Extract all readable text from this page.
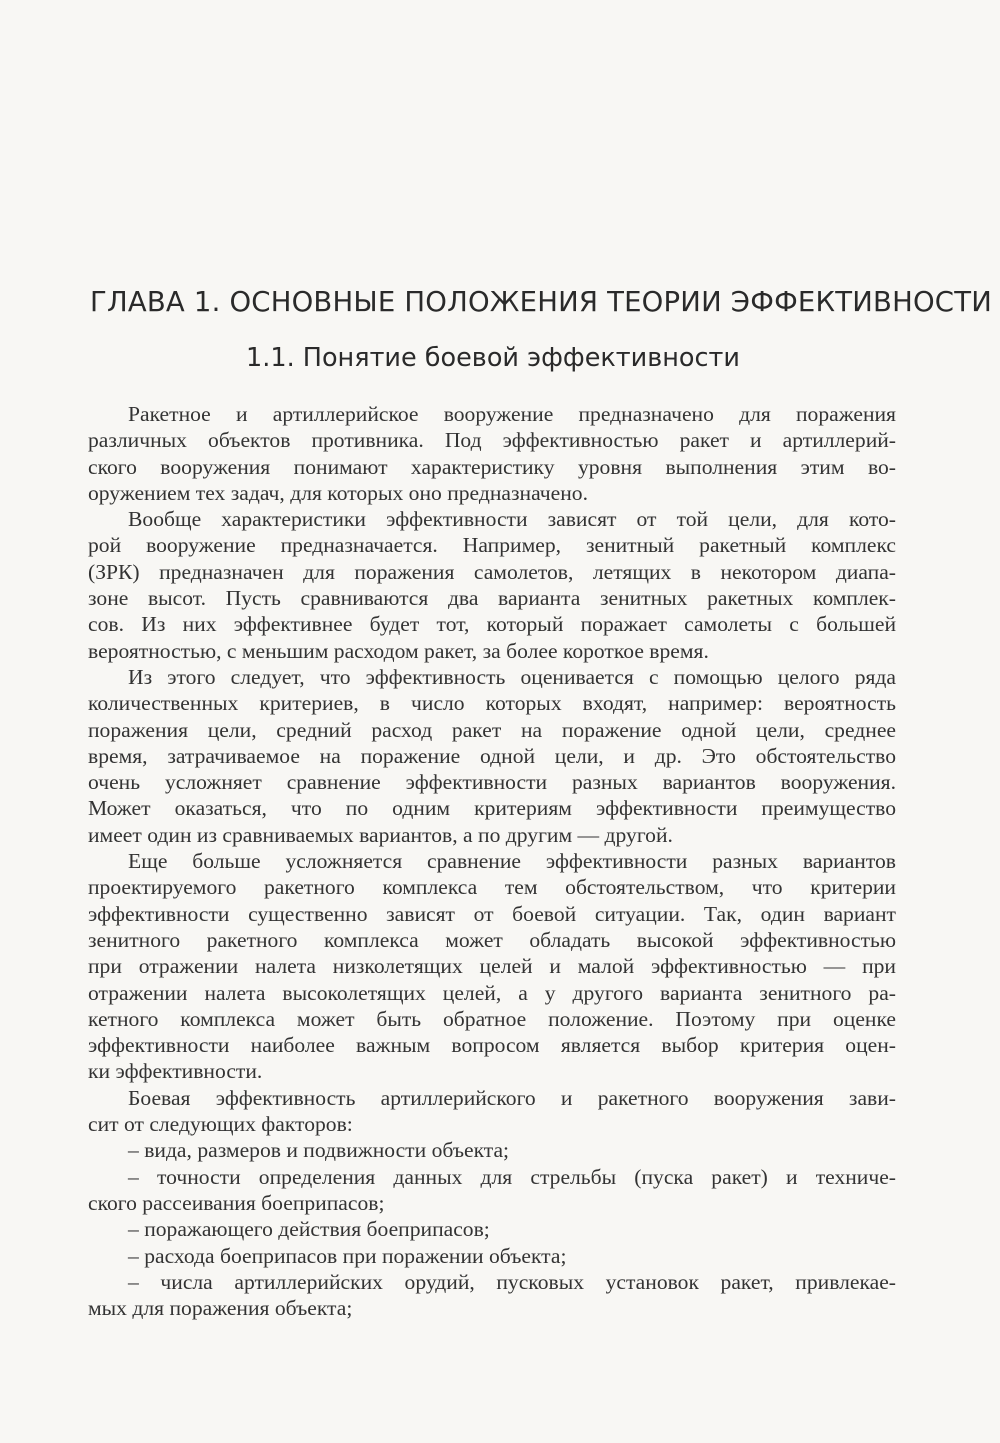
ГЛАВА 1. ОСНОВНЫЕ ПОЛОЖЕНИЯ ТЕОРИИ ЭФФЕКТИВНОСТИ
1.1. Понятие боевой эффективности
Ракетное и артиллерийское вооружение предназначено для поражения
различных объектов противника. Под эффективностью ракет и артиллерий-
ского вооружения понимают характеристику уровня выполнения этим во-
оружением тех задач, для которых оно предназначено.
Вообще характеристики эффективности зависят от той цели, для кото-
рой вооружение предназначается. Например, зенитный ракетный комплекс
(ЗРК) предназначен для поражения самолетов, летящих в некотором диапа-
зоне высот. Пусть сравниваются два варианта зенитных ракетных комплек-
сов. Из них эффективнее будет тот, который поражает самолеты с большей
вероятностью, с меньшим расходом ракет, за более короткое время.
Из этого следует, что эффективность оценивается с помощью целого ряда
количественных критериев, в число которых входят, например: вероятность
поражения цели, средний расход ракет на поражение одной цели, среднее
время, затрачиваемое на поражение одной цели, и др. Это обстоятельство
очень усложняет сравнение эффективности разных вариантов вооружения.
Может оказаться, что по одним критериям эффективности преимущество
имеет один из сравниваемых вариантов, а по другим — другой.
Еще больше усложняется сравнение эффективности разных вариантов
проектируемого ракетного комплекса тем обстоятельством, что критерии
эффективности существенно зависят от боевой ситуации. Так, один вариант
зенитного ракетного комплекса может обладать высокой эффективностью
при отражении налета низколетящих целей и малой эффективностью — при
отражении налета высоколетящих целей, а у другого варианта зенитного ра-
кетного комплекса может быть обратное положение. Поэтому при оценке
эффективности наиболее важным вопросом является выбор критерия оцен-
ки эффективности.
Боевая эффективность артиллерийского и ракетного вооружения зави-
сит от следующих факторов:
– вида, размеров и подвижности объекта;
– точности определения данных для стрельбы (пуска ракет) и техниче-
ского рассеивания боеприпасов;
– поражающего действия боеприпасов;
– расхода боеприпасов при поражении объекта;
– числа артиллерийских орудий, пусковых установок ракет, привлекае-
мых для поражения объекта;
